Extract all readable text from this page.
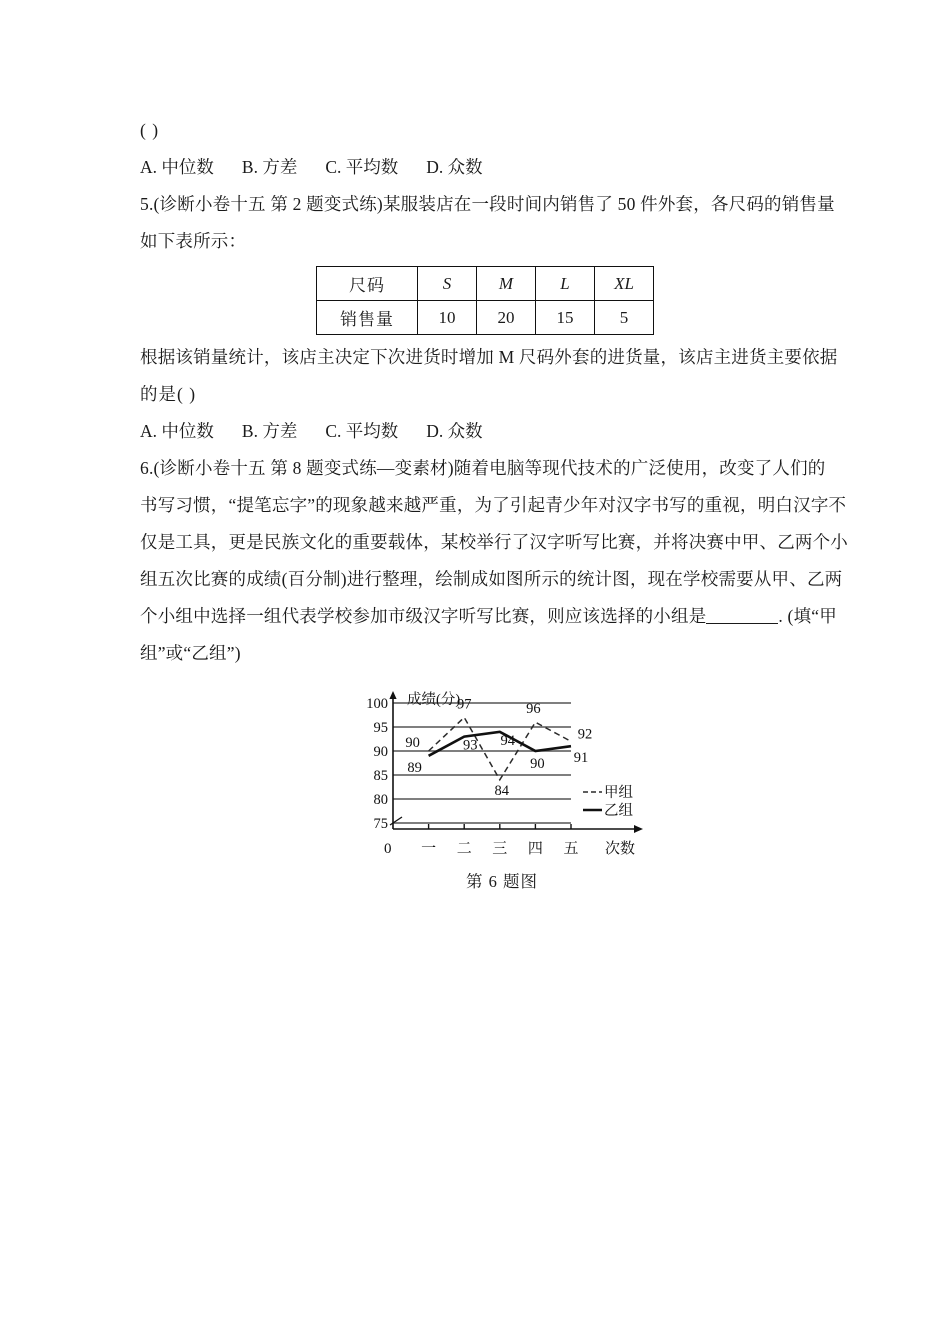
( )
A. 中位数 B. 方差 C. 平均数 D. 众数
5.(诊断小卷十五 第 2 题变式练)某服装店在一段时间内销售了 50 件外套，各尺码的销售量
如下表所示：
尺码	S	M	L	XL
销售量	10	20	15	5
根据该销量统计，该店主决定下次进货时增加 M 尺码外套的进货量，该店主进货主要依据
的是( )
A. 中位数 B. 方差 C. 平均数 D. 众数
6.(诊断小卷十五 第 8 题变式练—变素材)随着电脑等现代技术的广泛使用，改变了人们的
书写习惯，“提笔忘字”的现象越来越严重，为了引起青少年对汉字书写的重视，明白汉字不
仅是工具，更是民族文化的重要载体，某校举行了汉字听写比赛，并将决赛中甲、乙两个小
组五次比赛的成绩(百分制)进行整理，绘制成如图所示的统计图，现在学校需要从甲、乙两
个小组中选择一组代表学校参加市级汉字听写比赛，则应该选择的小组是	. (填“甲
组”或“乙组”)
75
80
85
90
95
100
一 二 三 四 五
90
97
84
96
92
89
93 94
90 91
成绩(分)
次数
0
甲组
乙组
第 6 题图
